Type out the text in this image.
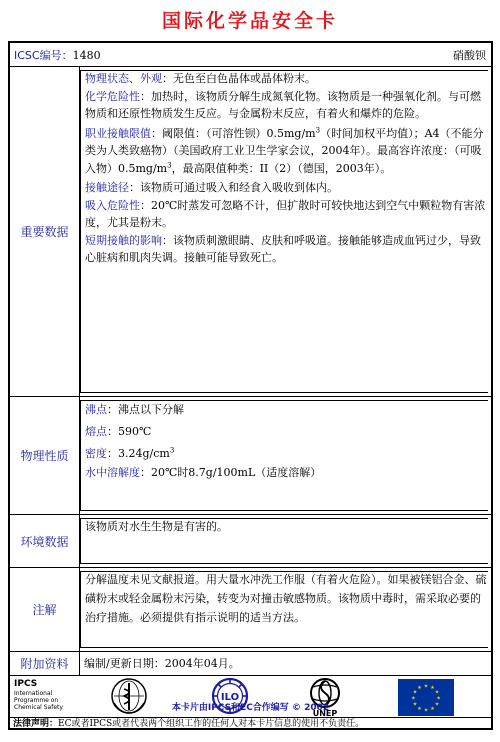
国际化学品安全卡
ICSC编号：1480	硝酸钡
重要数据

物理状态、外观：无色至白色晶体或晶体粉末。

化学危险性：加热时，该物质分解生成氮氧化物。该物质是一种强氧化剂。与可燃物质和还原性物质发生反应。与金属粉末反应，有着火和爆炸的危险。

职业接触限值：阈限值：（可溶性钡）$0.5mg/m^3$（时间加权平均值）；A4（不能分类为人类致癌物）（美国政府工业卫生学家会议，2004年）。最高容许浓度：（可吸入物）$0.5mg/m^3$，最高限值种类：II（2）（德国，2003年）。

接触途径：该物质可通过吸入和经食入吸收到体内。

吸入危险性：20℃时蒸发可忽略不计，但扩散时可较快地达到空气中颗粒物有害浓度，尤其是粉末。

短期接触的影响：该物质刺激眼睛、皮肤和呼吸道。接触能够造成血钙过少，导致心脏病和肌肉失调。接触可能导致死亡。

物理性质

沸点：沸点以下分解

熔点：590℃

密度：$3.24g/cm^3$

水中溶解度：20℃时8.7g/100mL（适度溶解）

环境数据

该物质对水生生物是有害的。

注解

分解温度未见文献报道。用大量水冲洗工作服（有着火危险）。如果被镁铝合金、硫磺粉末或轻金属粉末污染，转变为对撞击敏感物质。该物质中毒时，需采取必要的治疗措施。必须提供有指示说明的适当方法。

附加资料	编制/更新日期：2004年04月。

IPCS
International
Programme on
Chemical Safety
ILO
UNEP
★ ★
★
★
★
★
★
★
★
★
★
★
本卡片由IPCS和EC合作编写 © 2002
法律声明：EC或者IPCS或者代表两个组织工作的任何人对本卡片信息的使用不负责任。
